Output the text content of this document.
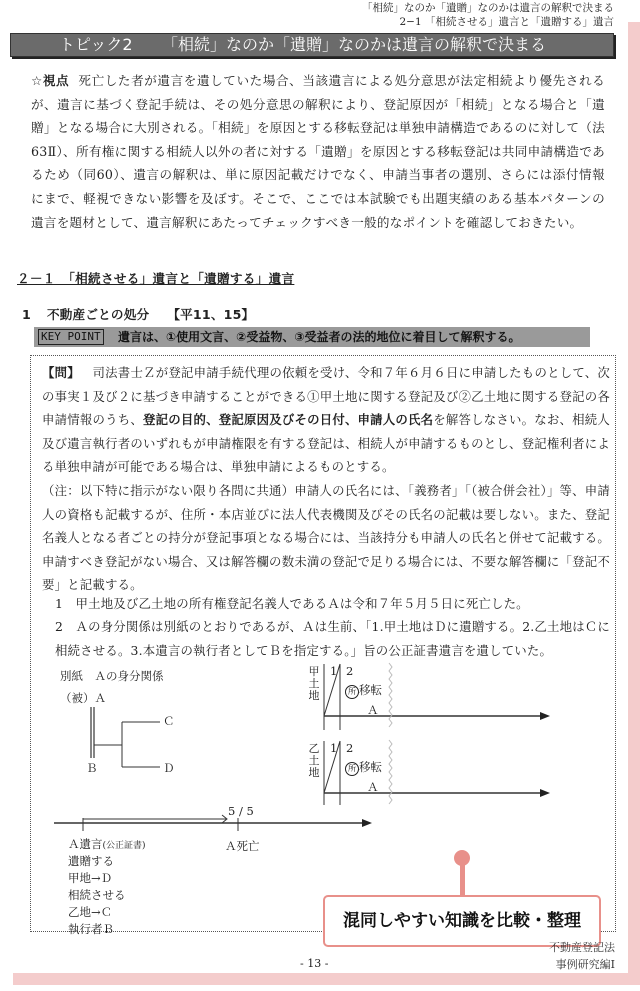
「相続」なのか「遺贈」なのかは遺言の解釈で決まる
2−1 「相続させる」遺言と「遺贈する」遺言
トピック2 「相続」なのか「遺贈」なのかは遺言の解釈で決まる
☆視点 死亡した者が遺言を遺していた場合、当該遺言による処分意思が法定相続より優先されるが、遺言に基づく登記手続は、その処分意思の解釈により、登記原因が「相続」となる場合と「遺贈」となる場合に大別される。「相続」を原因とする移転登記は単独申請構造であるのに対して（法63Ⅱ）、所有権に関する相続人以外の者に対する「遺贈」を原因とする移転登記は共同申請構造であるため（同60）、遺言の解釈は、単に原因記載だけでなく、申請当事者の選別、さらには添付情報にまで、軽視できない影響を及ぼす。そこで、ここでは本試験でも出題実績のある基本パターンの遺言を題材として、遺言解釈にあたってチェックすべき一般的なポイントを確認しておきたい。
２－１　「相続させる」遺言と「遺贈する」遺言
1 不動産ごとの処分 【平11、15】
KEY POINT 遺言は、①使用文言、②受益物、③受益者の法的地位に着目して解釈する。
【問】 司法書士Ｚが登記申請手続代理の依頼を受け、令和７年６月６日に申請したものとして、次の事実１及び２に基づき申請することができる①甲土地に関する登記及び②乙土地に関する登記の各申請情報のうち、登記の目的、登記原因及びその日付、申請人の氏名を解答しなさい。なお、相続人及び遺言執行者のいずれもが申請権限を有する登記は、相続人が申請するものとし、登記権利者による単独申請が可能である場合は、単独申請によるものとする。
（注：以下特に指示がない限り各問に共通）申請人の氏名には、「義務者」「（被合併会社）」等、申請人の資格も記載するが、住所・本店並びに法人代表機関及びその氏名の記載は要しない。また、登記名義人となる者ごとの持分が登記事項となる場合には、当該持分も申請人の氏名と併せて記載する。申請すべき登記がない場合、又は解答欄の数未満の登記で足りる場合には、不要な解答欄に「登記不要」と記載する。
1 甲土地及び乙土地の所有権登記名義人であるＡは令和７年５月５日に死亡した。
2 Ａの身分関係は別紙のとおりであるが、Ａは生前、「1.甲土地はＤに遺贈する。2.乙土地はＣに相続させる。3.本遺言の執行者としてＢを指定する。」旨の公正証書遺言を遺していた。
別紙　Ａの身分関係
（被）Ａ
Ｂ
Ｃ
Ｄ
甲土地
1 2
所 移転
Ａ
乙土地
1 2
所 移転
Ａ
5 / 5
Ａ遺言(公正証書)
遺贈する
甲地→Ｄ
相続させる
乙地→Ｃ
執行者Ｂ
Ａ死亡
混同しやすい知識を比較・整理
不動産登記法
事例研究編Ⅰ
- 13 -
